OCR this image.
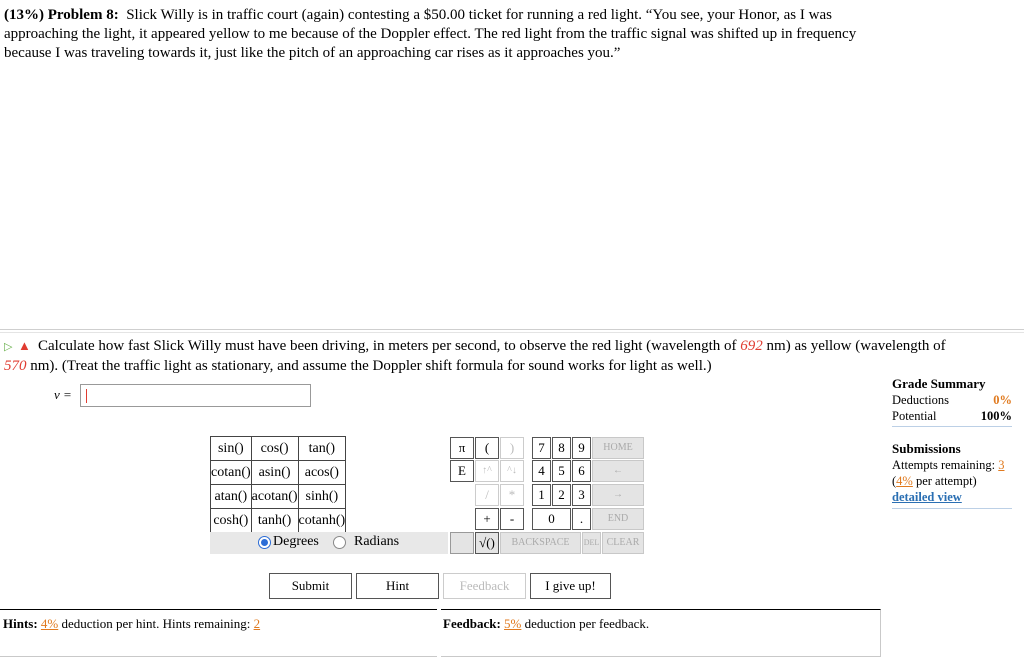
(13%) Problem 8: Slick Willy is in traffic court (again) contesting a $50.00 ticket for running a red light. “You see, your Honor, as I was
approaching the light, it appeared yellow to me because of the Doppler effect. The red light from the traffic signal was shifted up in frequency
because I was traveling towards it, just like the pitch of an approaching car rises as it approaches you.”
▷ ▲ Calculate how fast Slick Willy must have been driving, in meters per second, to observe the red light (wavelength of 692 nm) as yellow (wavelength of
570 nm). (Treat the traffic light as stationary, and assume the Doppler shift formula for sound works for light as well.)
v =
sin()	cos()	tan()
cotan()	asin()	acos()
atan()	acotan()	sinh()
cosh()	tanh()	cotanh()
Degrees	Radians
π	(	)	7	8	9	HOME
E	↑^	^↓	4	5	6	←
/	*	1	2	3	→
+	-	0	.	END
√()	BACKSPACE	DEL CLEAR
Submit	Hint	Feedback	I give up!
Hints: 4% deduction per hint. Hints remaining: 2	Feedback: 5% deduction per feedback.
Grade Summary
Deductions	0%
Potential	100%
Submissions
Attempts remaining: 3
(4% per attempt)
detailed view
